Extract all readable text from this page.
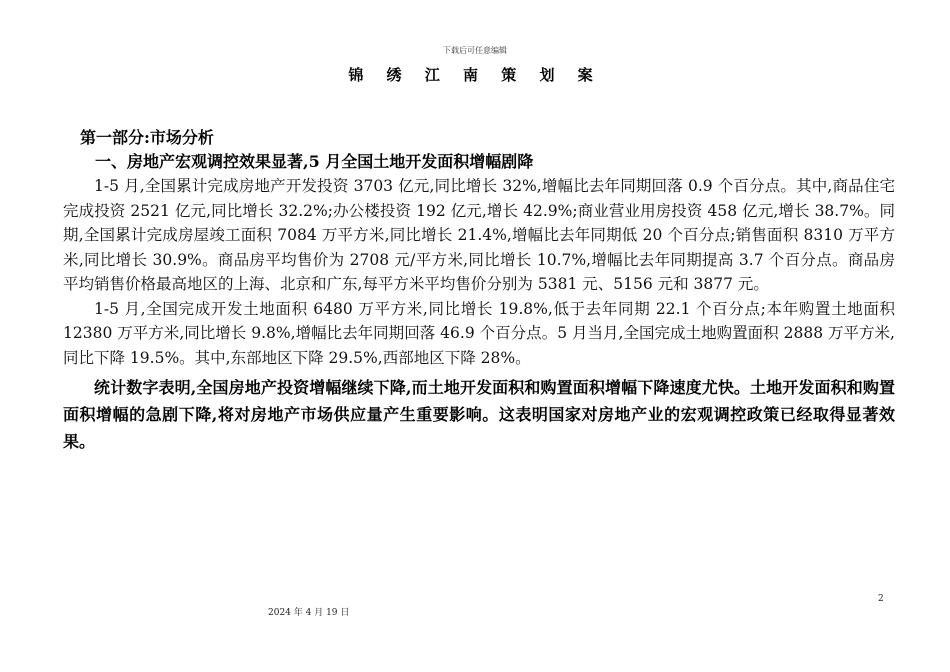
下载后可任意编辑
锦 绣 江 南 策 划 案
第一部分:市场分析
一、房地产宏观调控效果显著,5 月全国土地开发面积增幅剧降

1-5 月,全国累计完成房地产开发投资 3703 亿元,同比增长 32%,增幅比去年同期回落 0.9 个百分点。其中,商品住宅完成投资 2521 亿元,同比增长 32.2%;办公楼投资 192 亿元,增长 42.9%;商业营业用房投资 458 亿元,增长 38.7%。同期,全国累计完成房屋竣工面积 7084 万平方米,同比增长 21.4%,增幅比去年同期低 20 个百分点;销售面积 8310 万平方米,同比增长 30.9%。商品房平均售价为 2708 元/平方米,同比增长 10.7%,增幅比去年同期提高 3.7 个百分点。商品房平均销售价格最高地区的上海、北京和广东,每平方米平均售价分别为 5381 元、5156 元和 3877 元。

1-5 月,全国完成开发土地面积 6480 万平方米,同比增长 19.8%,低于去年同期 22.1 个百分点;本年购置土地面积 12380 万平方米,同比增长 9.8%,增幅比去年同期回落 46.9 个百分点。5 月当月,全国完成土地购置面积 2888 万平方米,同比下降 19.5%。其中,东部地区下降 29.5%,西部地区下降 28%。

统计数字表明,全国房地产投资增幅继续下降,而土地开发面积和购置面积增幅下降速度尤快。土地开发面积和购置面积增幅的急剧下降,将对房地产市场供应量产生重要影响。这表明国家对房地产业的宏观调控政策已经取得显著效果。

2
2024 年 4 月 19 日
